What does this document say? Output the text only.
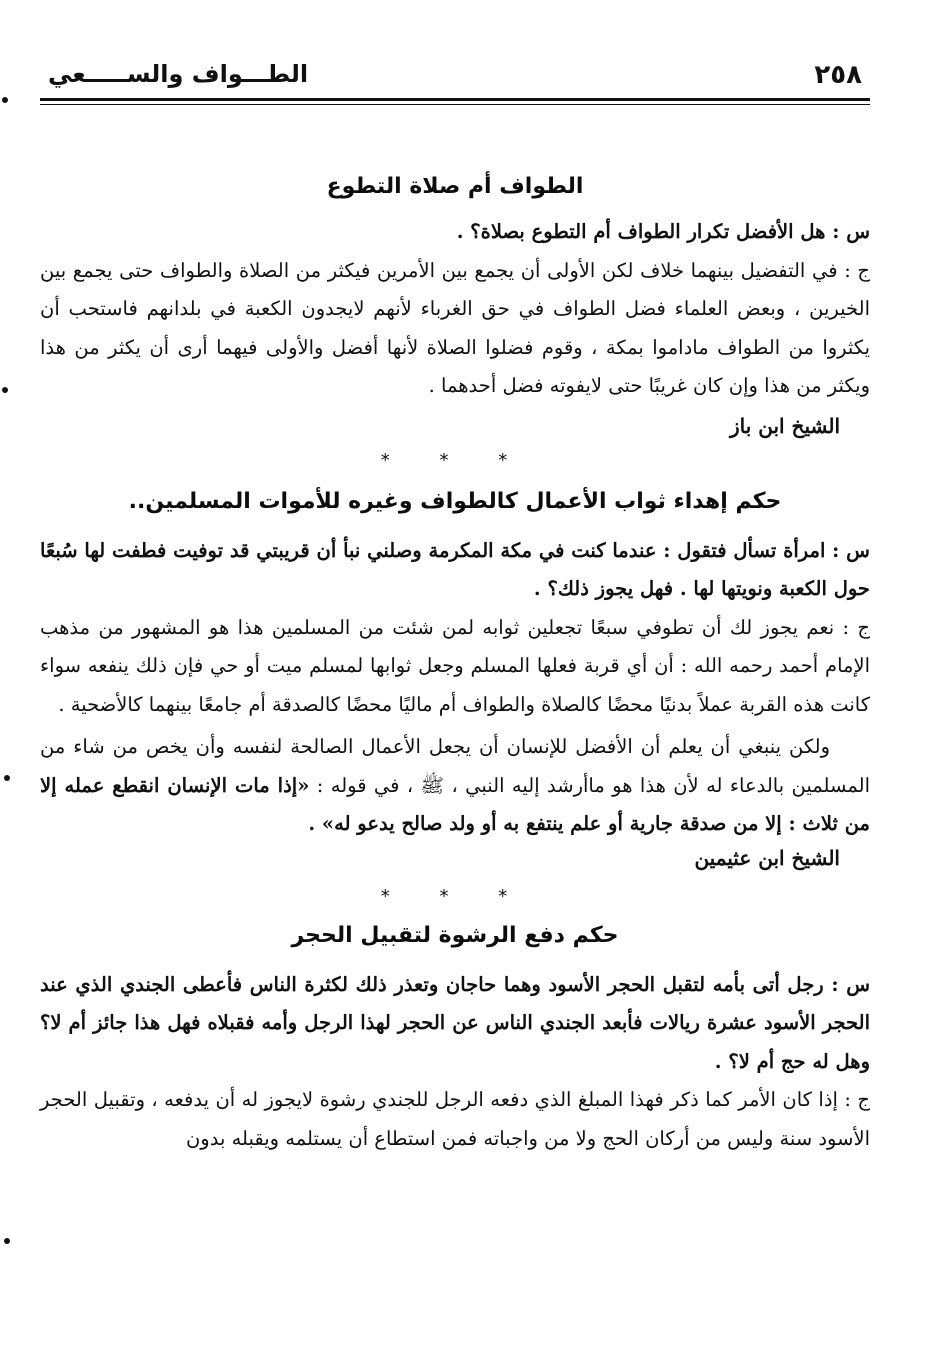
٢٥٨
الطـــواف والســـــعي
الطواف أم صلاة التطوع

س : هل الأفضل تكرار الطواف أم التطوع بصلاة؟ .

ج : في التفضيل بينهما خلاف لكن الأولى أن يجمع بين الأمرين فيكثر من الصلاة والطواف حتى يجمع بين الخيرين ، وبعض العلماء فضل الطواف في حق الغرباء لأنهم لايجدون الكعبة في بلدانهم فاستحب أن يكثروا من الطواف ماداموا بمكة ، وقوم فضلوا الصلاة لأنها أفضل والأولى فيهما أرى أن يكثر من هذا ويكثر من هذا وإن كان غريبًا حتى لايفوته فضل أحدهما .

الشيخ ابن باز

* * *

حكم إهداء ثواب الأعمال كالطواف وغيره للأموات المسلمين..

س : امرأة تسأل فتقول : عندما كنت في مكة المكرمة وصلني نبأ أن قريبتي قد توفيت فطفت لها سُبعًا حول الكعبة ونويتها لها . فهل يجوز ذلك؟ .

ج : نعم يجوز لك أن تطوفي سبعًا تجعلين ثوابه لمن شئت من المسلمين هذا هو المشهور من مذهب الإمام أحمد رحمه الله : أن أي قربة فعلها المسلم وجعل ثوابها لمسلم ميت أو حي فإن ذلك ينفعه سواء كانت هذه القربة عملاً بدنيًا محضًا كالصلاة والطواف أم ماليًا محضًا كالصدقة أم جامعًا بينهما كالأضحية .

ولكن ينبغي أن يعلم أن الأفضل للإنسان أن يجعل الأعمال الصالحة لنفسه وأن يخص من شاء من المسلمين بالدعاء له لأن هذا هو ماأرشد إليه النبي ، ﷺ ، في قوله : «إذا مات الإنسان انقطع عمله إلا من ثلاث : إلا من صدقة جارية أو علم ينتفع به أو ولد صالح يدعو له» .

الشيخ ابن عثيمين

* * *

حكم دفع الرشوة لتقبيل الحجر

س : رجل أتى بأمه لتقبل الحجر الأسود وهما حاجان وتعذر ذلك لكثرة الناس فأعطى الجندي الذي عند الحجر الأسود عشرة ريالات فأبعد الجندي الناس عن الحجر لهذا الرجل وأمه فقبلاه فهل هذا جائز أم لا؟ وهل له حج أم لا؟ .

ج : إذا كان الأمر كما ذكر فهذا المبلغ الذي دفعه الرجل للجندي رشوة لايجوز له أن يدفعه ، وتقبيل الحجر الأسود سنة وليس من أركان الحج ولا من واجباته فمن استطاع أن يستلمه ويقبله بدون
